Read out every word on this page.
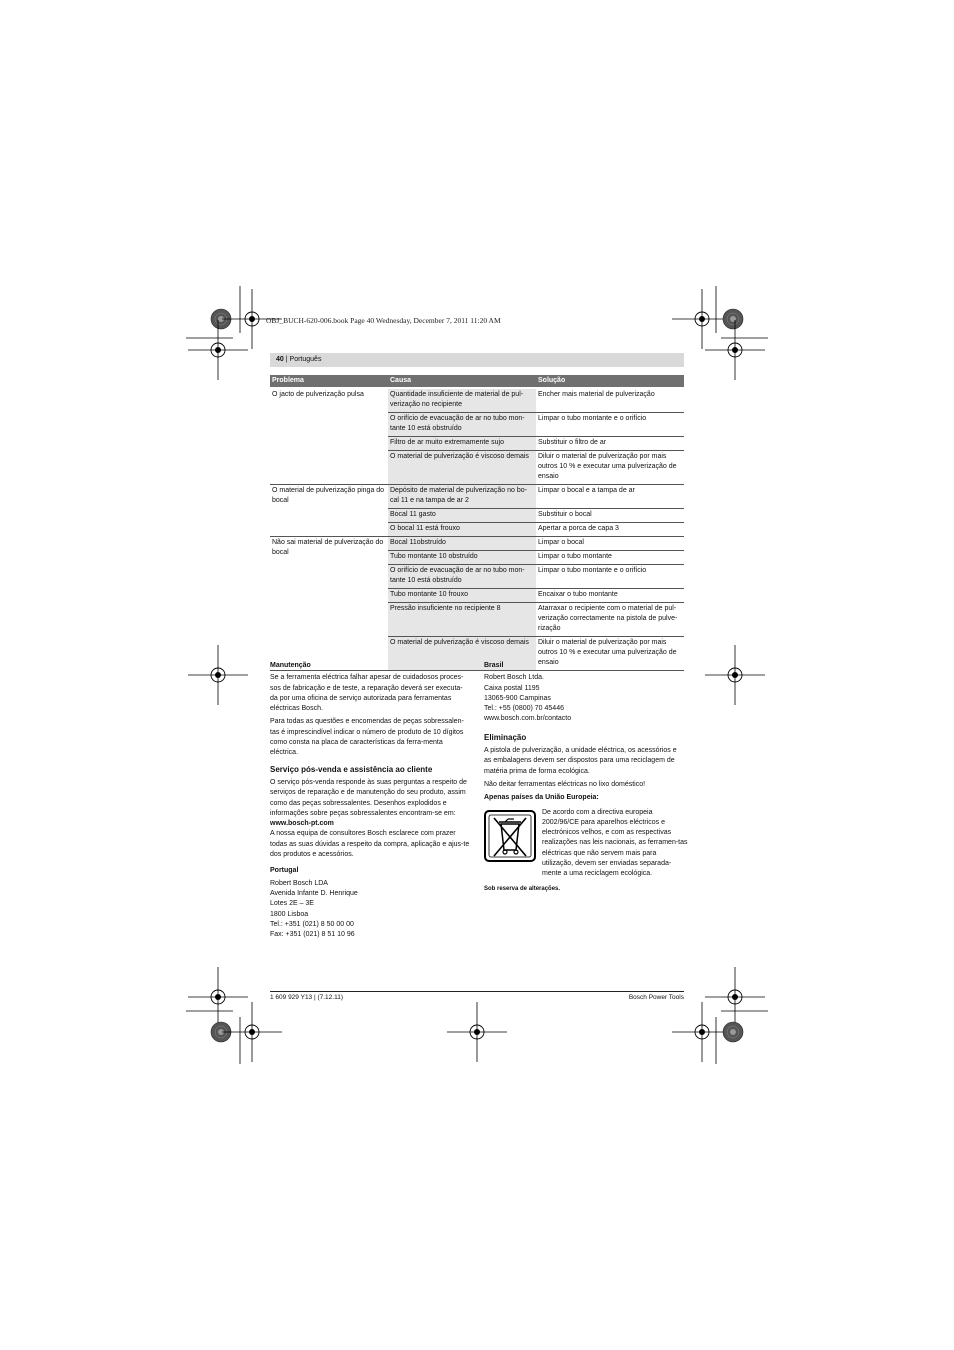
OBJ_BUCH-620-006.book Page 40 Wednesday, December 7, 2011 11:20 AM
40 | Português
Problema	Causa	Solução
O jacto de pulverização pulsa	Quantidade insuficiente de material de pul-verização no recipiente	Encher mais material de pulverização
	O orifício de evacuação de ar no tubo mon-tante 10 está obstruído	Limpar o tubo montante e o orifício
	Filtro de ar muito extremamente sujo	Substituir o filtro de ar
	O material de pulverização é viscoso demais	Diluir o material de pulverização por mais outros 10 % e executar uma pulverização de ensaio
O material de pulverização pinga do bocal	Depósito de material de pulverização no bo-cal 11 e na tampa de ar 2	Limpar o bocal e a tampa de ar
	Bocal 11 gasto	Substituir o bocal
	O bocal 11 está frouxo	Apertar a porca de capa 3
Não sai material de pulverização do bocal	Bocal 11obstruído	Limpar o bocal
	Tubo montante 10 obstruído	Limpar o tubo montante
	O orifício de evacuação de ar no tubo mon-tante 10 está obstruído	Limpar o tubo montante e o orifício
	Tubo montante 10 frouxo	Encaixar o tubo montante
	Pressão insuficiente no recipiente 8	Atarraxar o recipiente com o material de pul-verização correctamente na pistola de pulve-rização
	O material de pulverização é viscoso demais	Diluir o material de pulverização por mais outros 10 % e executar uma pulverização de ensaio
Manutenção

Se a ferramenta eléctrica falhar apesar de cuidadosos proces-sos de fabricação e de teste, a reparação deverá ser executa-da por uma oficina de serviço autorizada para ferramentas eléctricas Bosch.

Para todas as questões e encomendas de peças sobressalen-tas é imprescindível indicar o número de produto de 10 dígitos como consta na placa de características da ferra-menta eléctrica.

Serviço pós-venda e assistência ao cliente

O serviço pós-venda responde às suas perguntas a respeito de serviços de reparação e de manutenção do seu produto, assim como das peças sobressalentes. Desenhos explodidos e informações sobre peças sobressalentes encontram-se em:

www.bosch-pt.com

A nossa equipa de consultores Bosch esclarece com prazer todas as suas dúvidas a respeito da compra, aplicação e ajus-te dos produtos e acessórios.

Portugal
Robert Bosch LDA
Avenida Infante D. Henrique
Lotes 2E – 3E
1800 Lisboa
Tel.: +351 (021) 8 50 00 00
Fax: +351 (021) 8 51 10 96
Brasil
Robert Bosch Ltda.
Caixa postal 1195
13065-900 Campinas
Tel.: +55 (0800) 70 45446
www.bosch.com.br/contacto
Eliminação

A pistola de pulverização, a unidade eléctrica, os acessórios e as embalagens devem ser dispostos para uma reciclagem de matéria prima de forma ecológica.

Não deitar ferramentas eléctricas no lixo doméstico!

Apenas países da União Europeia:
De acordo com a directiva europeia 2002/96/CE para aparelhos eléctricos e electrónicos velhos, e com as respectivas realizações nas leis nacionais, as ferramen-tas eléctricas que não servem mais para utilização, devem ser enviadas separada-mente a uma reciclagem ecológica.
Sob reserva de alterações.
1 609 929 Y13 | (7.12.11)	Bosch Power Tools
